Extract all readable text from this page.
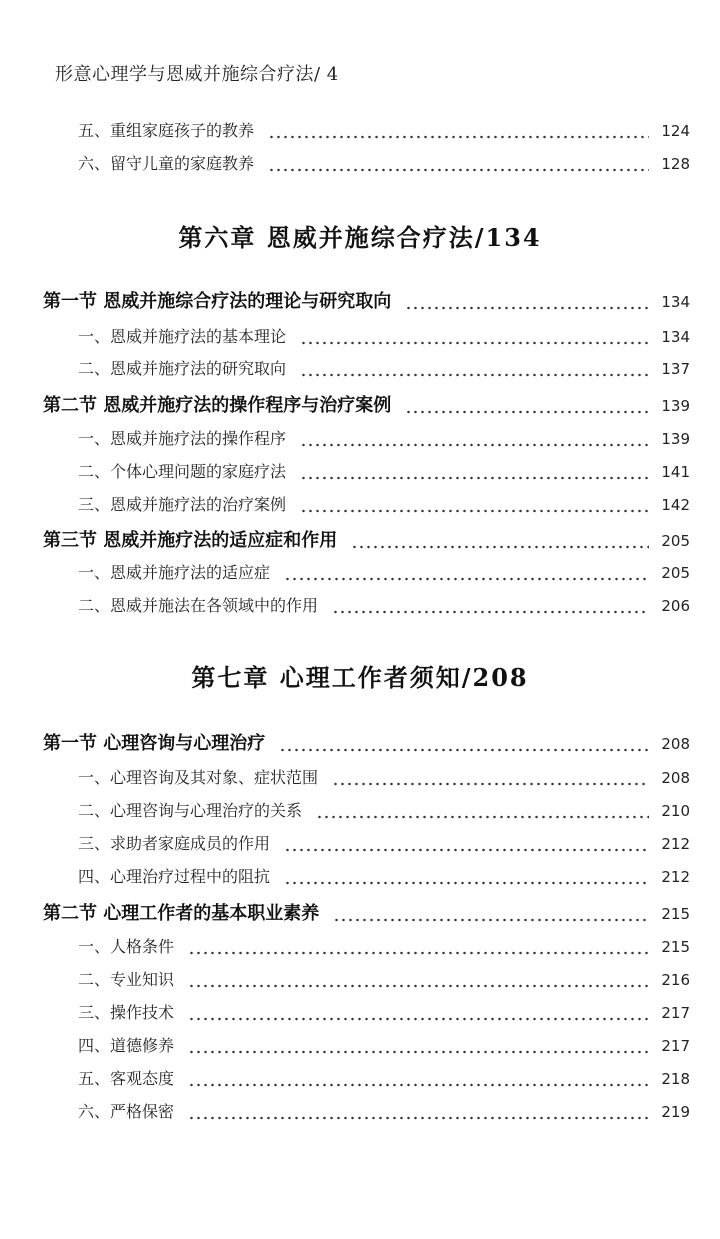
形意心理学与恩威并施综合疗法/ 4
五、重组家庭孩子的教养	124
六、留守儿童的家庭教养	128
第六章 恩威并施综合疗法/134
第一节 恩威并施综合疗法的理论与研究取向	134
一、恩威并施疗法的基本理论	134
二、恩威并施疗法的研究取向	137
第二节 恩威并施疗法的操作程序与治疗案例	139
一、恩威并施疗法的操作程序	139
二、个体心理问题的家庭疗法	141
三、恩威并施疗法的治疗案例	142
第三节 恩威并施疗法的适应症和作用	205
一、恩威并施疗法的适应症	205
二、恩威并施法在各领域中的作用	206
第七章 心理工作者须知/208
第一节 心理咨询与心理治疗	208
一、心理咨询及其对象、症状范围	208
二、心理咨询与心理治疗的关系	210
三、求助者家庭成员的作用	212
四、心理治疗过程中的阻抗	212
第二节 心理工作者的基本职业素养	215
一、人格条件	215
二、专业知识	216
三、操作技术	217
四、道德修养	217
五、客观态度	218
六、严格保密	219
